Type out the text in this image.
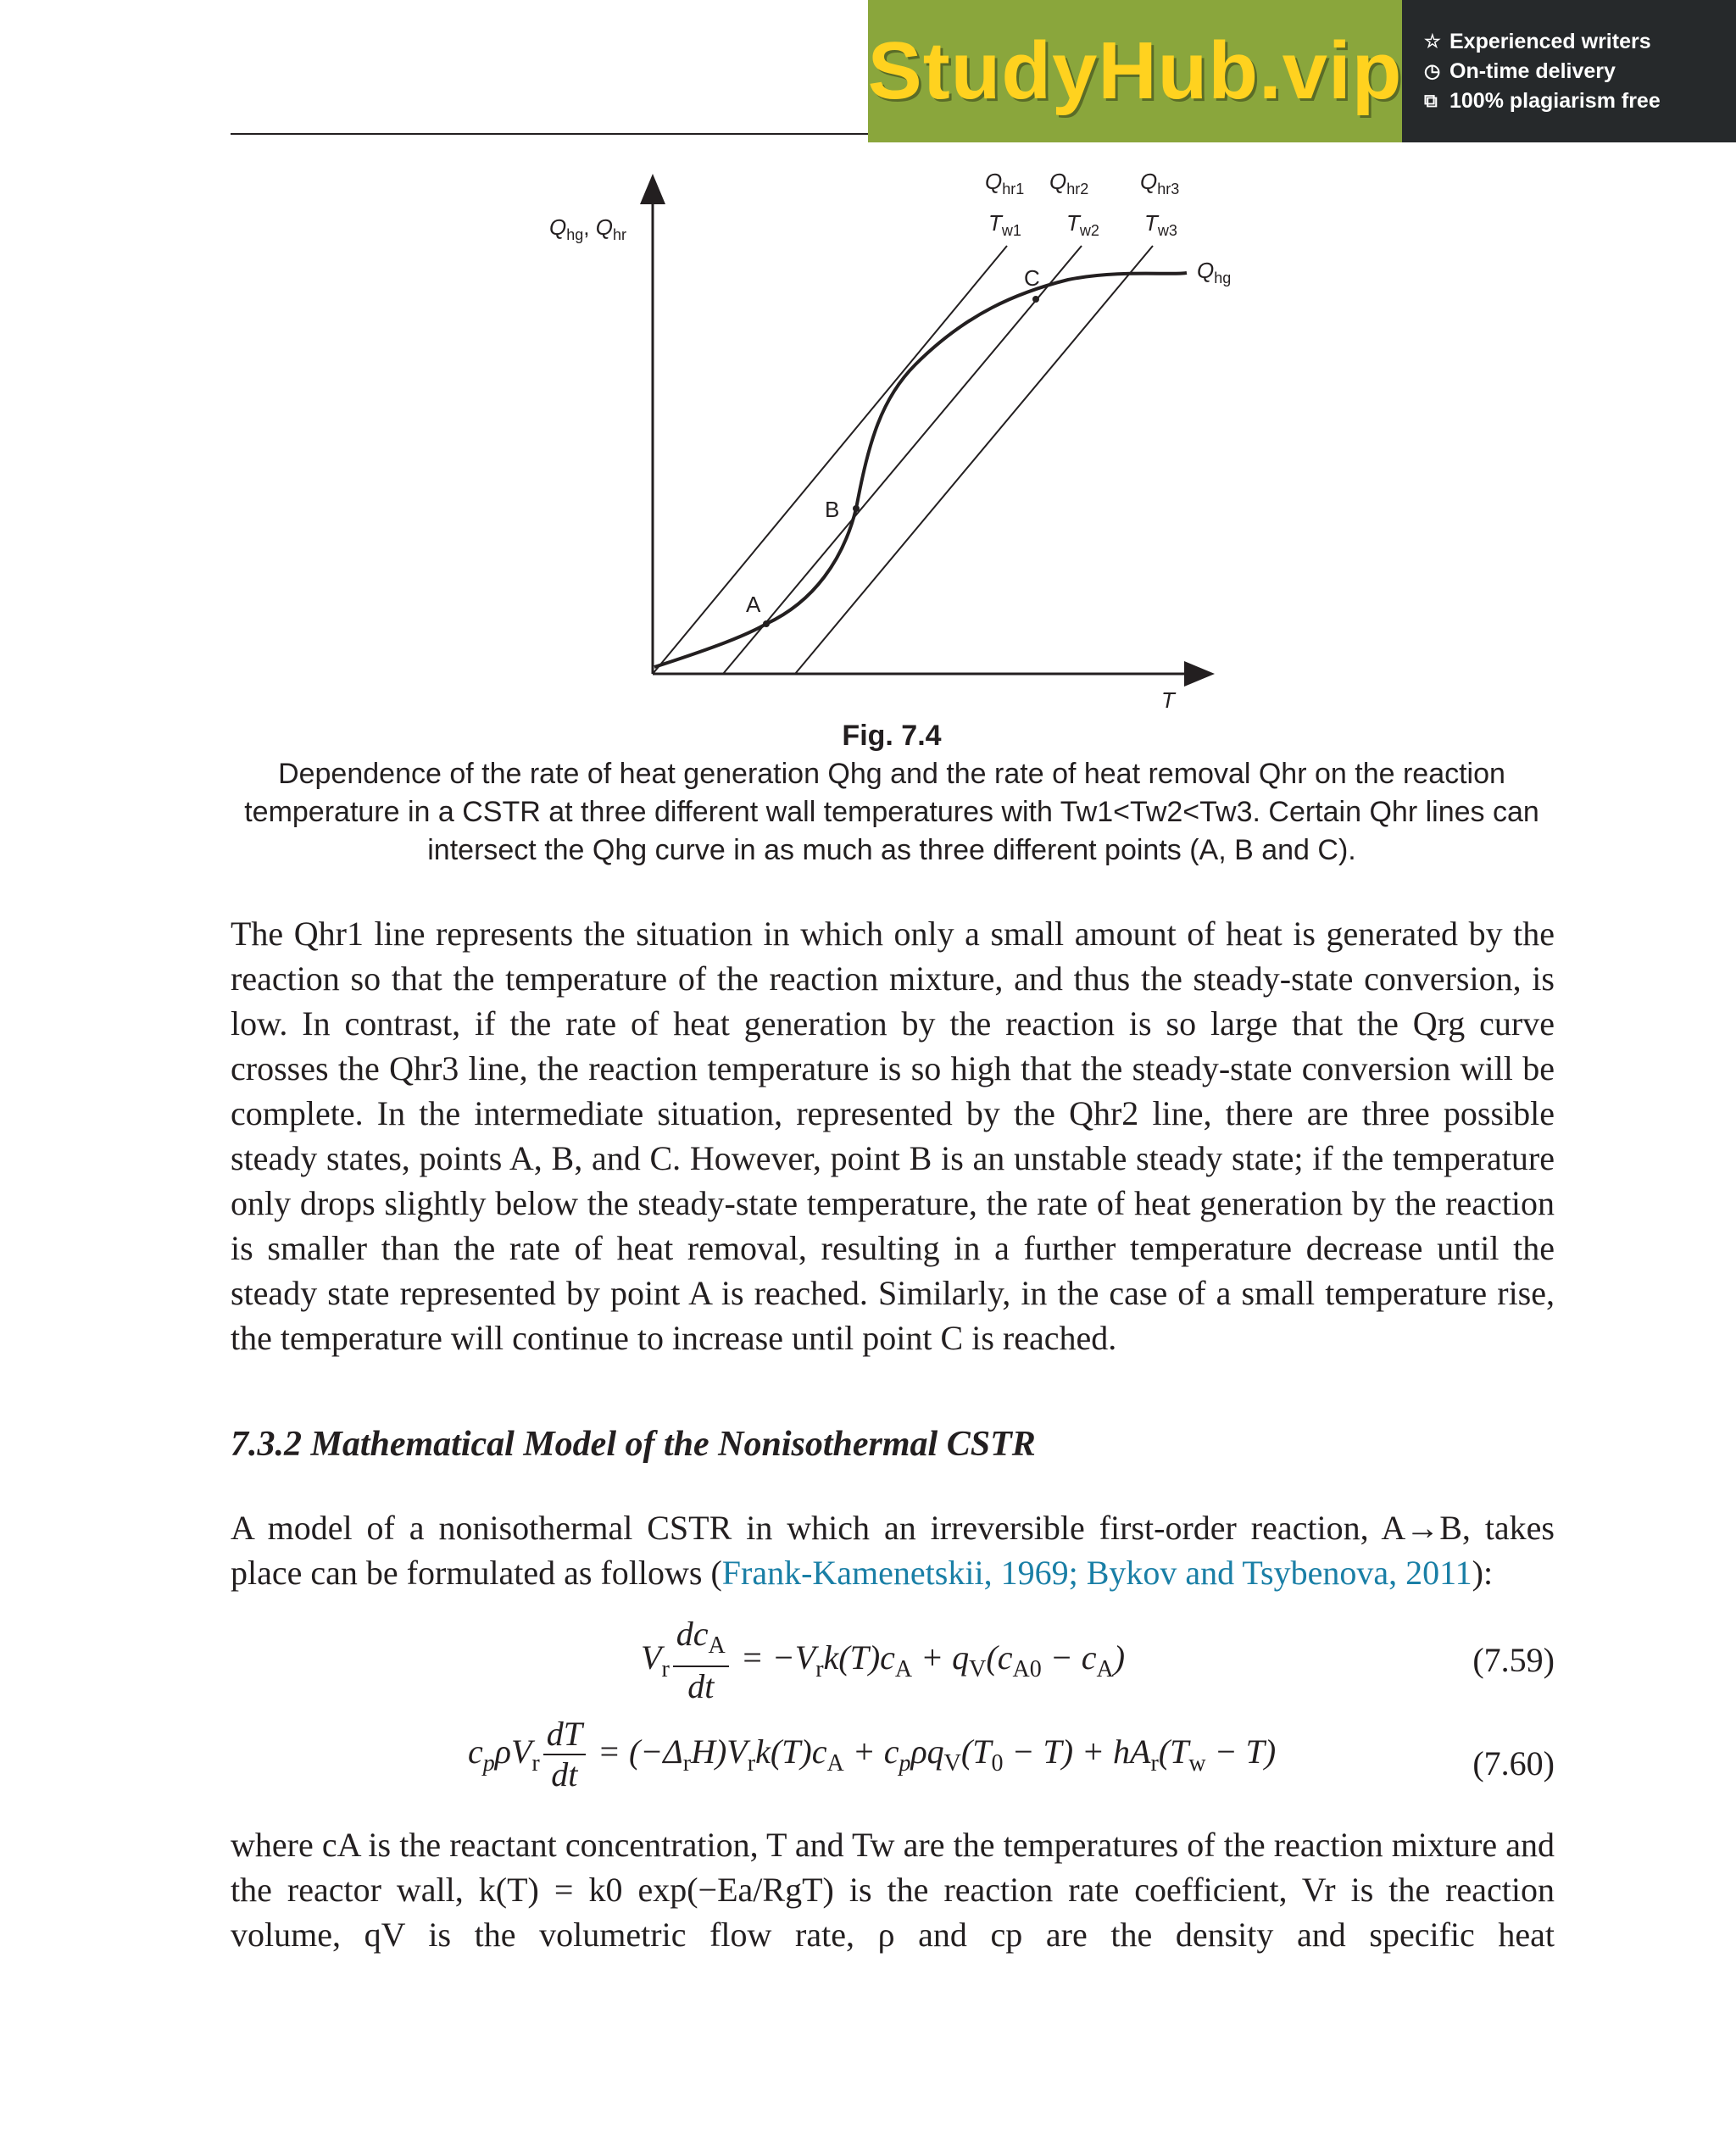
StudyHub.vip ☆ Experienced writers
◷ On-time delivery
⧉ 100% plagiarism free
A
B
C
$Q_{hg}$, $Q_{hr}$
T
$Q_{hr1}$
$T_{w1}$
$Q_{hr2}$
$T_{w2}$
$Q_{hr3}$
$T_{w3}$
$Q_{hg}$
Fig. 7.4
Dependence of the rate of heat generation Qhg and the rate of heat removal Qhr on the reaction temperature in a CSTR at three different wall temperatures with Tw1<Tw2<Tw3. Certain Qhr lines can intersect the Qhg curve in as much as three different points (A, B and C).

The Qhr1 line represents the situation in which only a small amount of heat is generated by the reaction so that the temperature of the reaction mixture, and thus the steady-state conversion, is low. In contrast, if the rate of heat generation by the reaction is so large that the Qrg curve crosses the Qhr3 line, the reaction temperature is so high that the steady-state conversion will be complete. In the intermediate situation, represented by the Qhr2 line, there are three possible steady states, points A, B, and C. However, point B is an unstable steady state; if the temperature only drops slightly below the steady-state temperature, the rate of heat generation by the reaction is smaller than the rate of heat removal, resulting in a further temperature decrease until the steady state represented by point A is reached. Similarly, in the case of a small temperature rise, the temperature will continue to increase until point C is reached.

7.3.2 Mathematical Model of the Nonisothermal CSTR

A model of a nonisothermal CSTR in which an irreversible first-order reaction, A→B, takes place can be formulated as follows (Frank-Kamenetskii, 1969; Bykov and Tsybenova, 2011):

$V_r \frac{dc_A}{dt} = -V_rk(T)c_A + q_V(c_{A0} - c_A)$	(7.59)
$c_p\rho V_r \frac{dT}{dt} = (-\Delta_rH)V_rk(T)c_A + c_p\rho q_V(T_0 - T) + hA_r(T_w - T)$	(7.60)

where cA is the reactant concentration, T and Tw are the temperatures of the reaction mixture and the reactor wall, k(T) = k0 exp(−Ea/RgT) is the reaction rate coefficient, Vr is the reaction volume, qV is the volumetric flow rate, ρ and cp are the density and specific heat
